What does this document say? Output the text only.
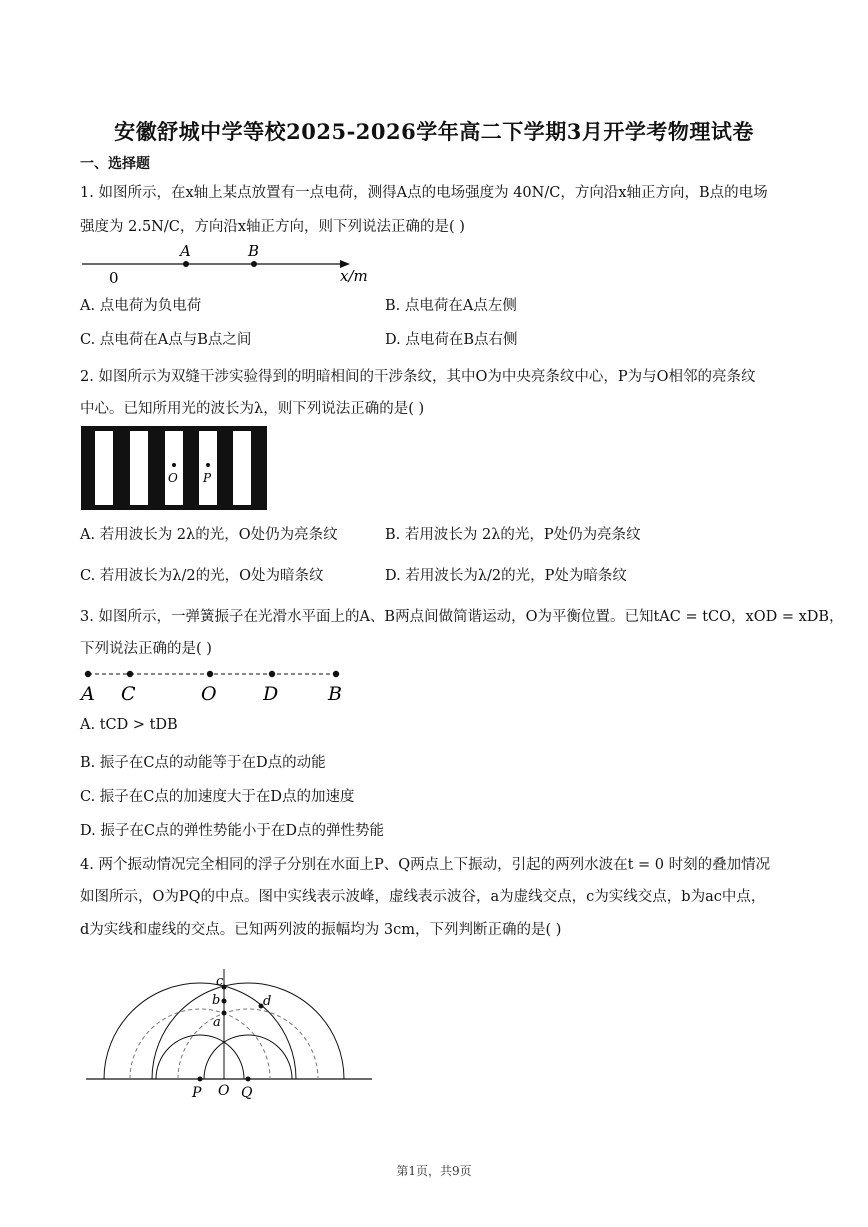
安徽舒城中学等校2025-2026学年高二下学期3月开学考物理试卷
一、选择题
1. 如图所示，在x轴上某点放置有一点电荷，测得A点的电场强度为 40N/C，方向沿x轴正方向，B点的电场
强度为 2.5N/C，方向沿x轴正方向，则下列说法正确的是( )
A	B
0	x/m
A. 点电荷为负电荷	B. 点电荷在A点左侧
C. 点电荷在A点与B点之间	D. 点电荷在B点右侧
2. 如图所示为双缝干涉实验得到的明暗相间的干涉条纹，其中O为中央亮条纹中心，P为与O相邻的亮条纹
中心。已知所用光的波长为λ，则下列说法正确的是( )
O P
A. 若用波长为 2λ的光，O处仍为亮条纹	B. 若用波长为 2λ的光，P处仍为亮条纹
C. 若用波长为λ/2的光，O处为暗条纹	D. 若用波长为λ/2的光，P处为暗条纹
3. 如图所示，一弹簧振子在光滑水平面上的A、B两点间做简谐运动，O为平衡位置。已知tAC = tCO，xOD = xDB，
下列说法正确的是( )
A C	O D	B
A. tCD > tDB
B. 振子在C点的动能等于在D点的动能
C. 振子在C点的加速度大于在D点的加速度
D. 振子在C点的弹性势能小于在D点的弹性势能
4. 两个振动情况完全相同的浮子分别在水面上P、Q两点上下振动，引起的两列水波在t = 0 时刻的叠加情况
如图所示，O为PQ的中点。图中实线表示波峰，虚线表示波谷，a为虚线交点，c为实线交点，b为ac中点，
d为实线和虚线的交点。已知两列波的振幅均为 3cm，下列判断正确的是( )
c
b
a
d
P O Q
第1页，共9页
